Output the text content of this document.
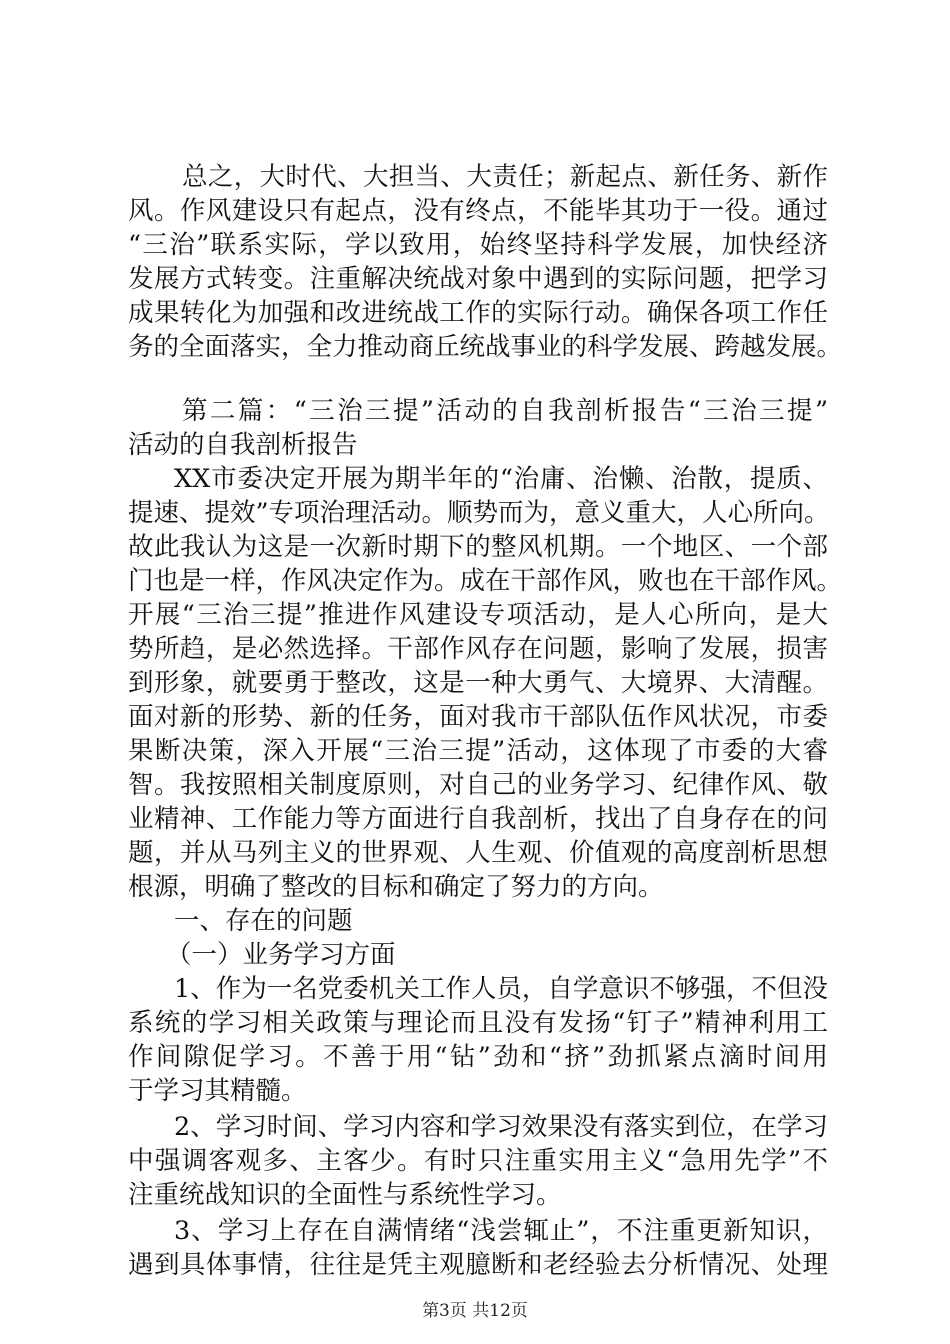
总之，大时代、大担当、大责任；新起点、新任务、新作
风。作风建设只有起点，没有终点，不能毕其功于一役。通过
“三治”联系实际，学以致用，始终坚持科学发展，加快经济
发展方式转变。注重解决统战对象中遇到的实际问题，把学习
成果转化为加强和改进统战工作的实际行动。确保各项工作任
务的全面落实，全力推动商丘统战事业的科学发展、跨越发展。
第二篇：“三治三提”活动的自我剖析报告“三治三提”
活动的自我剖析报告
XX市委决定开展为期半年的“治庸、治懒、治散，提质、
提速、提效”专项治理活动。顺势而为，意义重大，人心所向。
故此我认为这是一次新时期下的整风机期。一个地区、一个部
门也是一样，作风决定作为。成在干部作风，败也在干部作风。
开展“三治三提”推进作风建设专项活动，是人心所向，是大
势所趋，是必然选择。干部作风存在问题，影响了发展，损害
到形象，就要勇于整改，这是一种大勇气、大境界、大清醒。
面对新的形势、新的任务，面对我市干部队伍作风状况，市委
果断决策，深入开展“三治三提”活动，这体现了市委的大睿
智。我按照相关制度原则，对自己的业务学习、纪律作风、敬
业精神、工作能力等方面进行自我剖析，找出了自身存在的问
题，并从马列主义的世界观、人生观、价值观的高度剖析思想
根源，明确了整改的目标和确定了努力的方向。
一、存在的问题
（一）业务学习方面
1、作为一名党委机关工作人员，自学意识不够强，不但没
系统的学习相关政策与理论而且没有发扬“钉子”精神利用工
作间隙促学习。不善于用“钻”劲和“挤”劲抓紧点滴时间用
于学习其精髓。
2、学习时间、学习内容和学习效果没有落实到位，在学习
中强调客观多、主客少。有时只注重实用主义“急用先学”不
注重统战知识的全面性与系统性学习。
3、学习上存在自满情绪“浅尝辄止”，不注重更新知识，
遇到具体事情，往往是凭主观臆断和老经验去分析情况、处理
第3页 共12页
